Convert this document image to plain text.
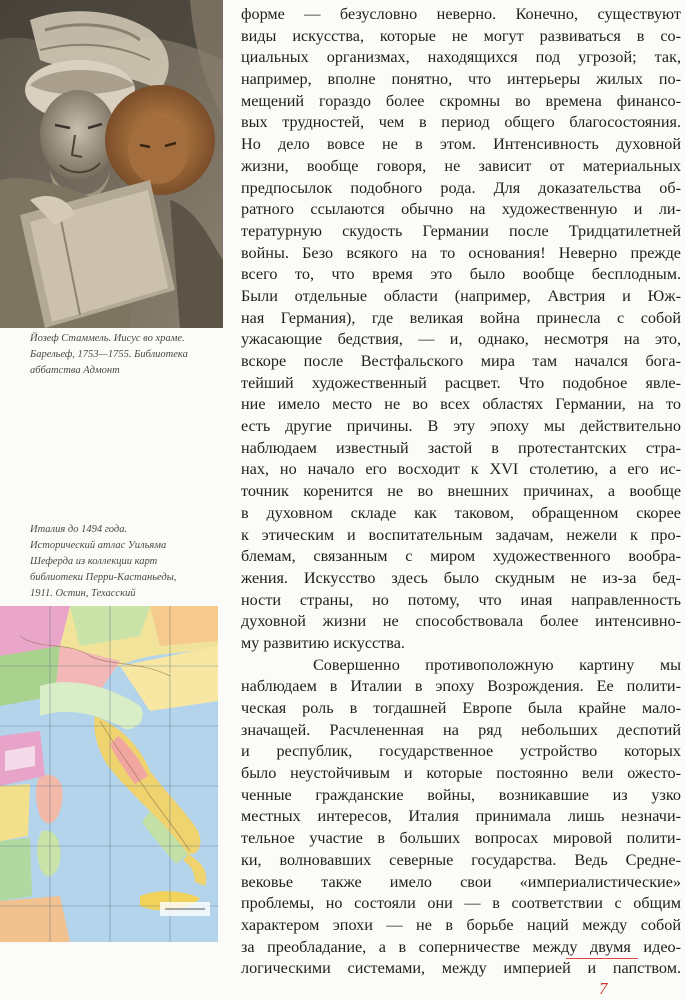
Йозеф Стаммель. Иисус во храме.
Барельеф, 1753—1755. Библиотека
аббатства Адмонт
Италия до 1494 года.
Исторический атлас Уильяма
Шеферда из коллекции карт
библиотеки Перри-Кастаньеды,
1911. Остин, Техасский
форме — безусловно неверно. Конечно, существуют
виды искусства, которые не могут развиваться в со-
циальных организмах, находящихся под угрозой; так,
например, вполне понятно, что интерьеры жилых по-
мещений гораздо более скромны во времена финансо-
вых трудностей, чем в период общего благосостояния.
Но дело вовсе не в этом. Интенсивность духовной
жизни, вообще говоря, не зависит от материальных
предпосылок подобного рода. Для доказательства об-
ратного ссылаются обычно на художественную и ли-
тературную скудость Германии после Тридцатилетней
войны. Безо всякого на то основания! Неверно прежде
всего то, что время это было вообще бесплодным.
Были отдельные области (например, Австрия и Юж-
ная Германия), где великая война принесла с собой
ужасающие бедствия, — и, однако, несмотря на это,
вскоре после Вестфальского мира там начался бога-
тейший художественный расцвет. Что подобное явле-
ние имело место не во всех областях Германии, на то
есть другие причины. В эту эпоху мы действительно
наблюдаем известный застой в протестантских стра-
нах, но начало его восходит к XVI столетию, а его ис-
точник коренится не во внешних причинах, а вообще
в духовном складе как таковом, обращенном скорее
к этическим и воспитательным задачам, нежели к про-
блемам, связанным с миром художественного вообра-
жения. Искусство здесь было скудным не из-за бед-
ности страны, но потому, что иная направленность
духовной жизни не способствовала более интенсивно-
му развитию искусства.
Совершенно противоположную картину мы
наблюдаем в Италии в эпоху Возрождения. Ее полити-
ческая роль в тогдашней Европе была крайне мало-
значащей. Расчлененная на ряд небольших деспотий
и республик, государственное устройство которых
было неустойчивым и которые постоянно вели ожесто-
ченные гражданские войны, возникавшие из узко
местных интересов, Италия принимала лишь незначи-
тельное участие в больших вопросах мировой полити-
ки, волновавших северные государства. Ведь Средне-
вековье также имело свои «империалистические»
проблемы, но состояли они — в соответствии с общим
характером эпохи — не в борьбе наций между собой
за преобладание, а в соперничестве между двумя идео-
логическими системами, между империей и папством.
7
